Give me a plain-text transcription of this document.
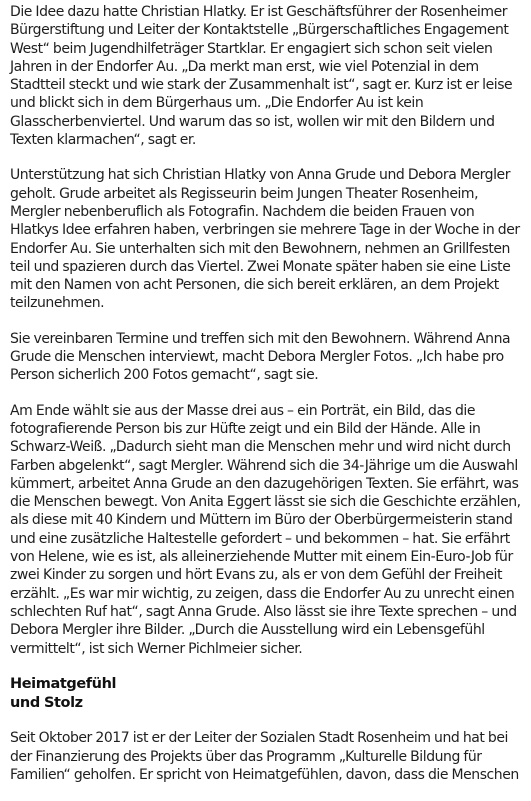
Die Idee dazu hatte Christian Hlatky. Er ist Geschäftsführer der Rosenheimer Bürgerstiftung und Leiter der Kontaktstelle „Bürgerschaftliches Engagement West“ beim Jugendhilfeträger Startklar. Er engagiert sich schon seit vielen Jahren in der Endorfer Au. „Da merkt man erst, wie viel Potenzial in dem Stadtteil steckt und wie stark der Zusammenhalt ist“, sagt er. Kurz ist er leise und blickt sich in dem Bürgerhaus um. „Die Endorfer Au ist kein Glasscherbenviertel. Und warum das so ist, wollen wir mit den Bildern und Texten klarmachen“, sagt er.

Unterstützung hat sich Christian Hlatky von Anna Grude und Debora Mergler geholt. Grude arbeitet als Regisseurin beim Jungen Theater Rosenheim, Mergler nebenberuflich als Fotografin. Nachdem die beiden Frauen von Hlatkys Idee erfahren haben, verbringen sie mehrere Tage in der Woche in der Endorfer Au. Sie unterhalten sich mit den Bewohnern, nehmen an Grillfesten teil und spazieren durch das Viertel. Zwei Monate später haben sie eine Liste mit den Namen von acht Personen, die sich bereit erklären, an dem Projekt teilzunehmen.

Sie vereinbaren Termine und treffen sich mit den Bewohnern. Während Anna Grude die Menschen interviewt, macht Debora Mergler Fotos. „Ich habe pro Person sicherlich 200 Fotos gemacht“, sagt sie.

Am Ende wählt sie aus der Masse drei aus – ein Porträt, ein Bild, das die fotografierende Person bis zur Hüfte zeigt und ein Bild der Hände. Alle in Schwarz-Weiß. „Dadurch sieht man die Menschen mehr und wird nicht durch Farben abgelenkt“, sagt Mergler. Während sich die 34-Jährige um die Auswahl kümmert, arbeitet Anna Grude an den dazugehörigen Texten. Sie erfährt, was die Menschen bewegt. Von Anita Eggert lässt sie sich die Geschichte erzählen, als diese mit 40 Kindern und Müttern im Büro der Oberbürgermeisterin stand und eine zusätzliche Haltestelle gefordert – und bekommen – hat. Sie erfährt von Helene, wie es ist, als alleinerziehende Mutter mit einem Ein-Euro-Job für zwei Kinder zu sorgen und hört Evans zu, als er von dem Gefühl der Freiheit erzählt. „Es war mir wichtig, zu zeigen, dass die Endorfer Au zu unrecht einen schlechten Ruf hat“, sagt Anna Grude. Also lässt sie ihre Texte sprechen – und Debora Mergler ihre Bilder. „Durch die Ausstellung wird ein Lebensgefühl vermittelt“, ist sich Werner Pichlmeier sicher.

Heimatgefühl
und Stolz

Seit Oktober 2017 ist er der Leiter der Sozialen Stadt Rosenheim und hat bei der Finanzierung des Projekts über das Programm „Kulturelle Bildung für Familien“ geholfen. Er spricht von Heimatgefühlen, davon, dass die Menschen
